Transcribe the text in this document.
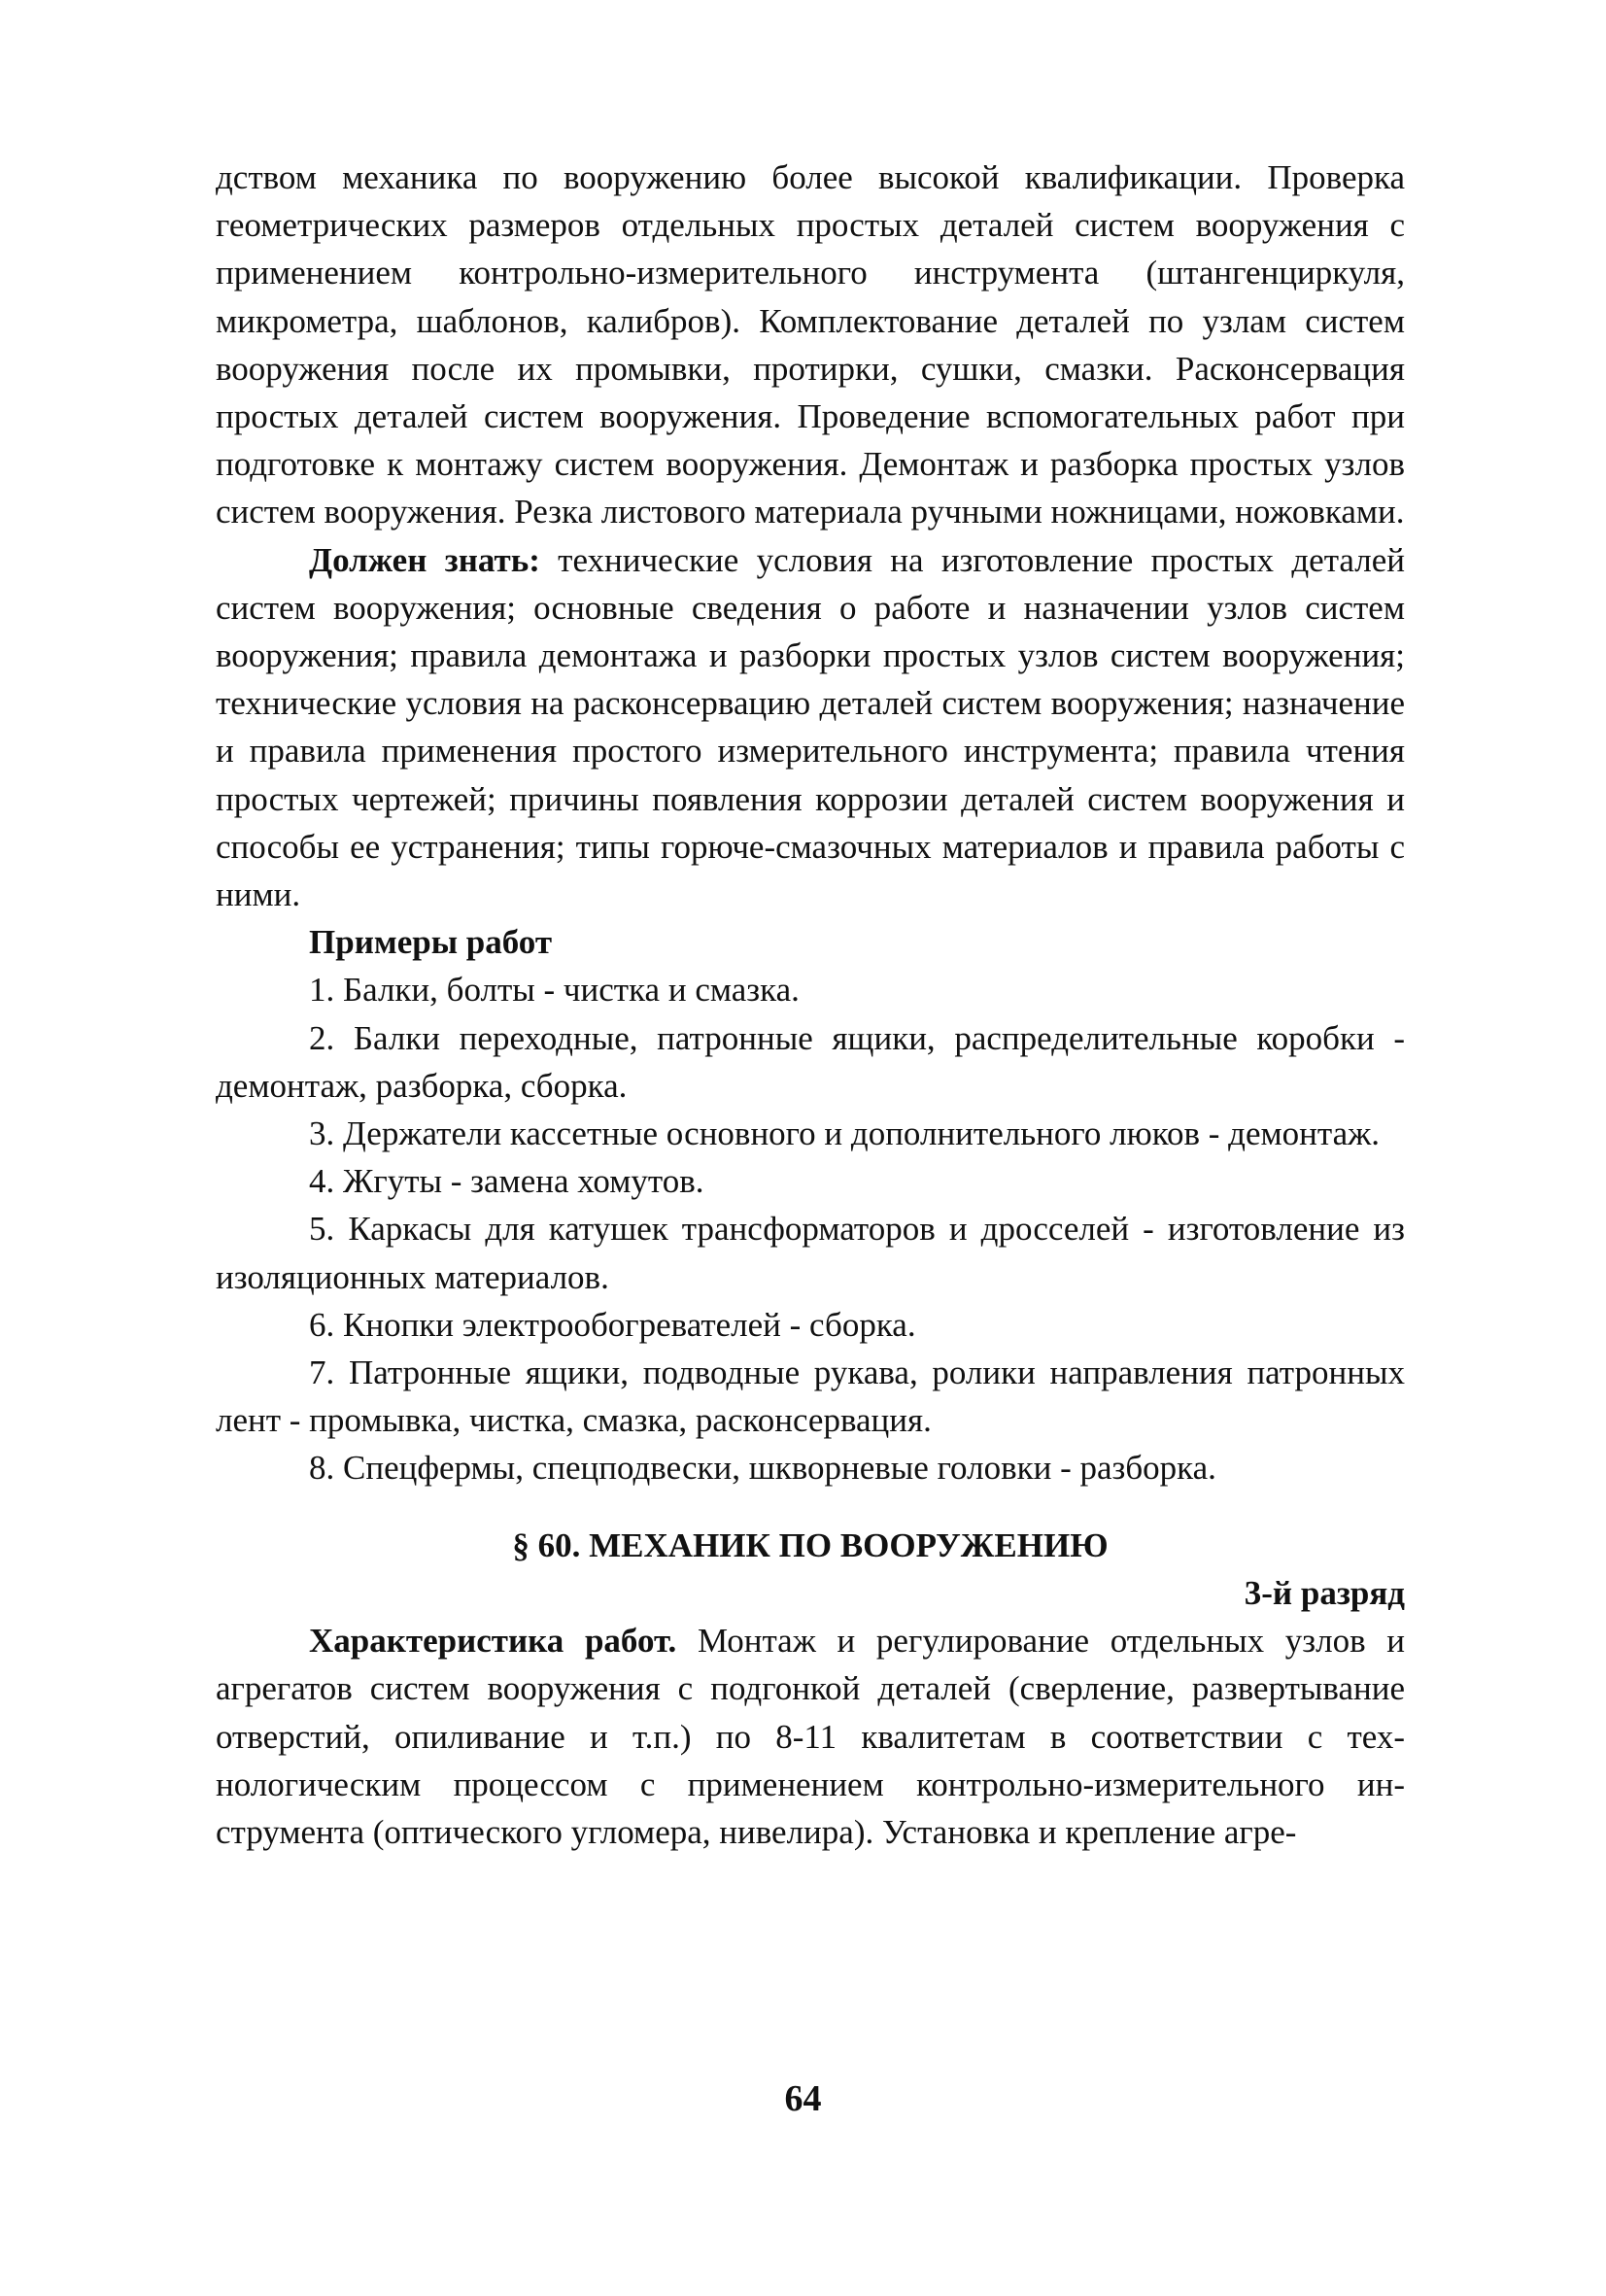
дством механика по вооружению более высокой квалификации. Проверка геометрических размеров отдельных простых деталей систем вооружения с применением контрольно-измерительного инструмента (штангенциркуля, микрометра, шаблонов, калибров). Комплектование деталей по узлам систем вооружения после их промывки, протирки, сушки, смазки. Расконсервация простых деталей систем вооружения. Проведение вспомогательных работ при подготовке к монтажу систем вооружения. Демонтаж и разборка простых узлов систем вооружения. Резка листового материала ручными ножницами, ножовками.

Должен знать: технические условия на изготовление простых деталей систем вооружения; основные сведения о работе и назначении узлов систем вооружения; правила демонтажа и разборки простых узлов систем вооружения; технические условия на расконсервацию деталей систем вооружения; назначение и правила применения простого измерительного инструмента; правила чтения простых чертежей; причины появления коррозии деталей систем вооружения и способы ее устранения; типы горюче-смазочных материалов и правила работы с ними.

Примеры работ

1. Балки, болты - чистка и смазка.

2. Балки переходные, патронные ящики, распределительные коробки - демонтаж, разборка, сборка.

3. Держатели кассетные основного и дополнительного люков - демонтаж.

4. Жгуты - замена хомутов.

5. Каркасы для катушек трансформаторов и дросселей - изготовление из изоляционных материалов.

6. Кнопки электрообогревателей - сборка.

7. Патронные ящики, подводные рукава, ролики направления патронных лент - промывка, чистка, смазка, расконсервация.

8. Спецфермы, спецподвески, шкворневые головки - разборка.

§ 60. МЕХАНИК ПО ВООРУЖЕНИЮ

3-й разряд

Характеристика работ. Монтаж и регулирование отдельных узлов и агрегатов систем вооружения с подгонкой деталей (сверление, развертывание отверстий, опиливание и т.п.) по 8-11 квалитетам в соответствии с технологическим процессом с применением контрольно-измерительного инструмента (оптического угломера, нивелира). Установка и крепление агре-

64
